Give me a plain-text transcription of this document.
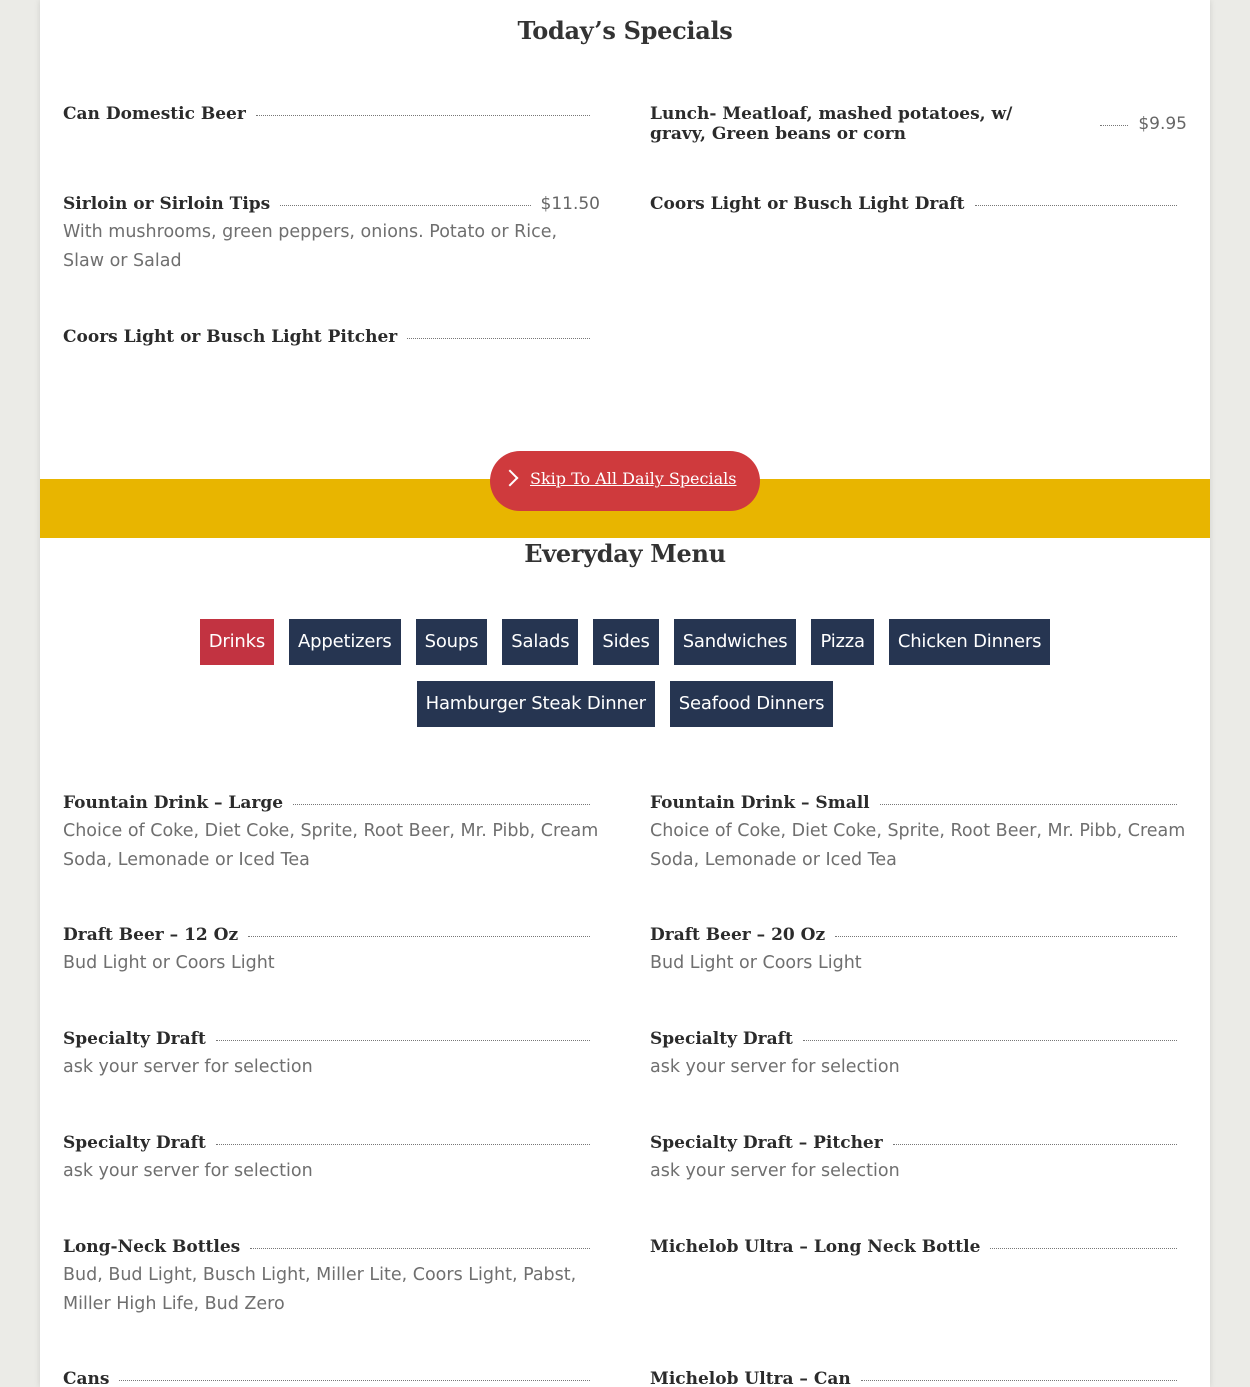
Today’s Specials
Can Domestic Beer	Lunch- Meatloaf, mashed potatoes, w/ gravy, Green beans or corn	$9.95
Sirloin or Sirloin Tips	$11.50
With mushrooms, green peppers, onions. Potato or Rice, Slaw or Salad
Coors Light or Busch Light Draft
Coors Light or Busch Light Pitcher
Skip To All Daily Specials
Everyday Menu
Drinks	Appetizers	Soups	Salads	Sides	Sandwiches	Pizza	Chicken Dinners
Hamburger Steak Dinner	Seafood Dinners
Fountain Drink – Large
Choice of Coke, Diet Coke, Sprite, Root Beer, Mr. Pibb, Cream Soda, Lemonade or Iced Tea
Fountain Drink – Small
Choice of Coke, Diet Coke, Sprite, Root Beer, Mr. Pibb, Cream Soda, Lemonade or Iced Tea
Draft Beer – 12 Oz
Bud Light or Coors Light
Draft Beer – 20 Oz
Bud Light or Coors Light
Specialty Draft
ask your server for selection
Specialty Draft
ask your server for selection
Specialty Draft
ask your server for selection
Specialty Draft – Pitcher
ask your server for selection
Long-Neck Bottles
Bud, Bud Light, Busch Light, Miller Lite, Coors Light, Pabst, Miller High Life, Bud Zero
Michelob Ultra – Long Neck Bottle
Cans	Michelob Ultra – Can
